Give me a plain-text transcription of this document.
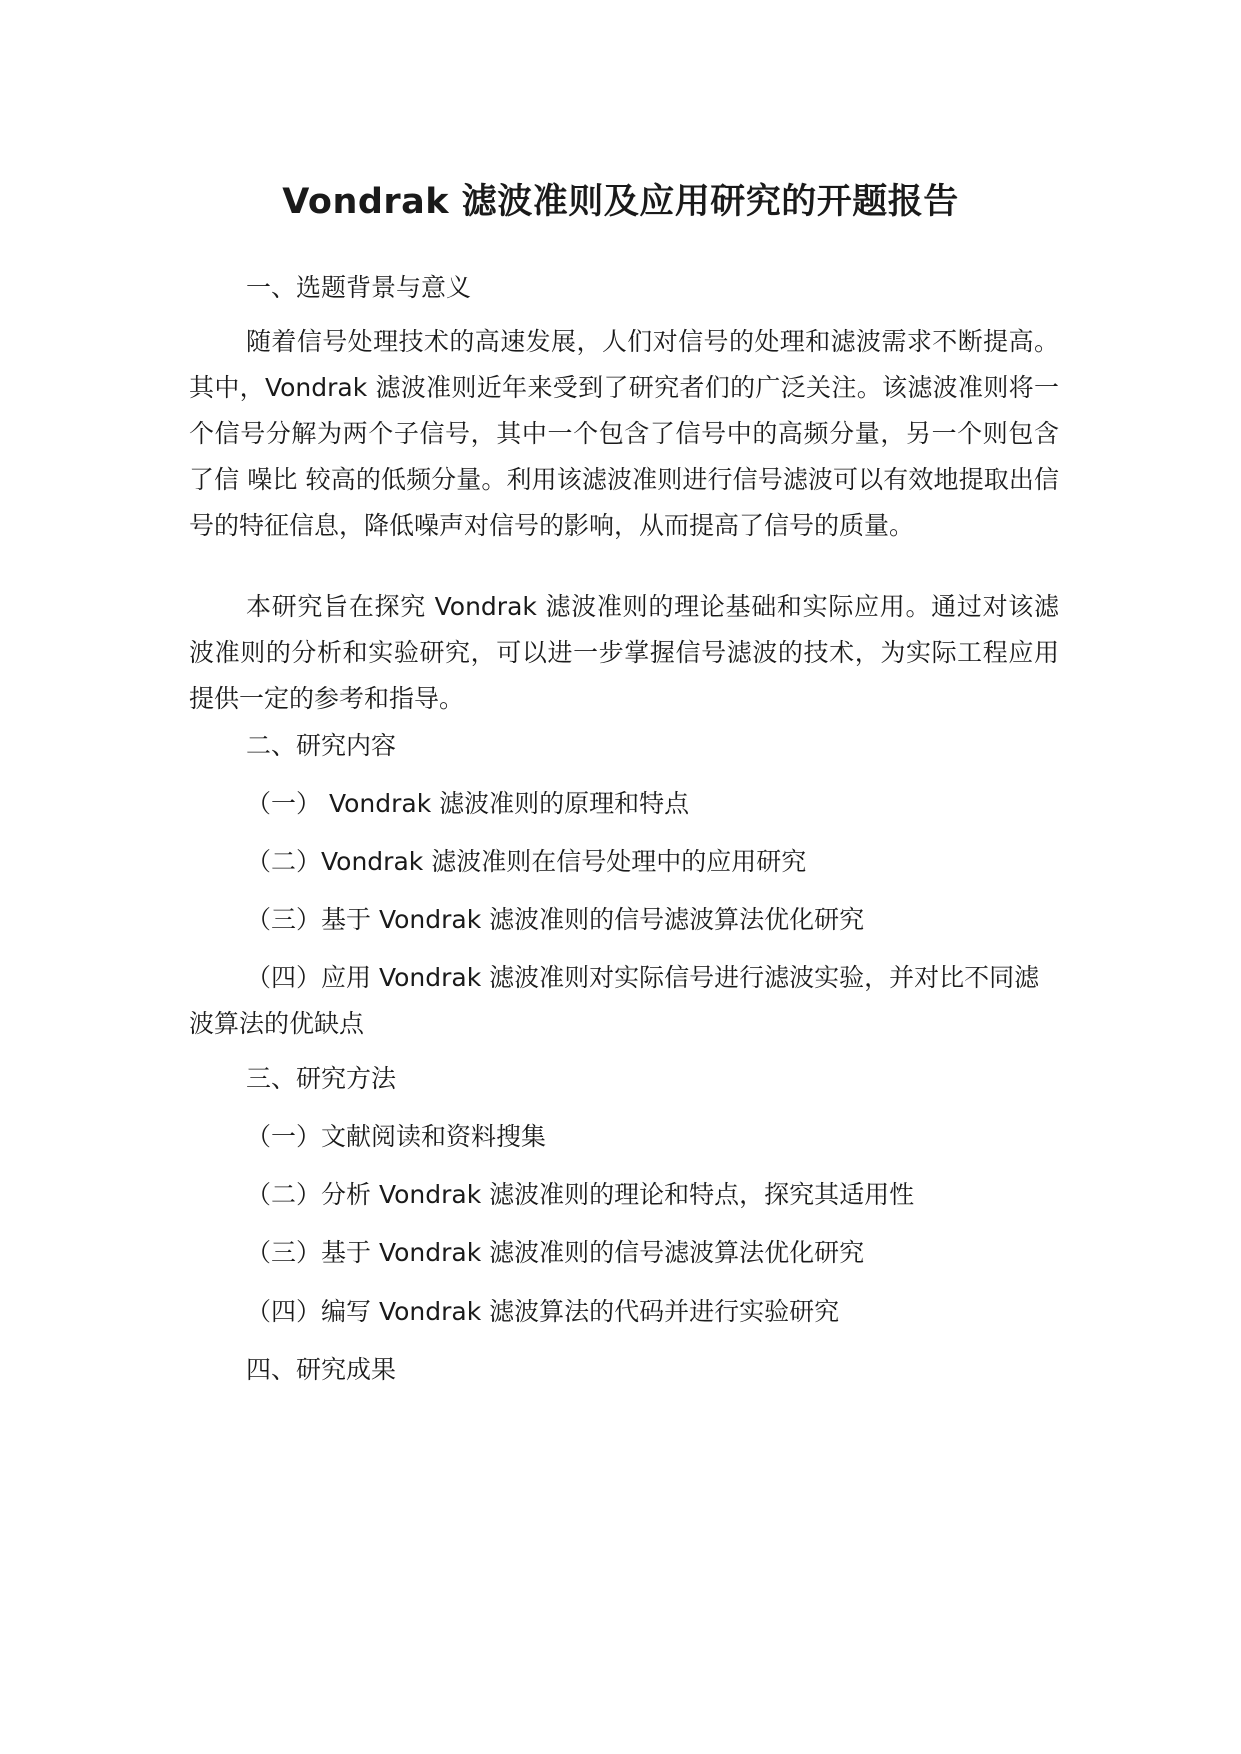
Vondrak 滤波准则及应用研究的开题报告

一、选题背景与意义

随着信号处理技术的高速发展，人们对信号的处理和滤波需求不断提高。其中，Vondrak 滤波准则近年来受到了研究者们的广泛关注。该滤波准则将一个信号分解为两个子信号，其中一个包含了信号中的高频分量，另一个则包含了信 噪比 较高的低频分量。利用该滤波准则进行信号滤波可以有效地提取出信号的特征信息，降低噪声对信号的影响，从而提高了信号的质量。

本研究旨在探究 Vondrak 滤波准则的理论基础和实际应用。通过对该滤波准则的分析和实验研究，可以进一步掌握信号滤波的技术，为实际工程应用提供一定的参考和指导。

二、研究内容

（一） Vondrak 滤波准则的原理和特点

（二）Vondrak 滤波准则在信号处理中的应用研究

（三）基于 Vondrak 滤波准则的信号滤波算法优化研究

（四）应用 Vondrak 滤波准则对实际信号进行滤波实验，并对比不同滤波算法的优缺点

三、研究方法

（一）文献阅读和资料搜集

（二）分析 Vondrak 滤波准则的理论和特点，探究其适用性

（三）基于 Vondrak 滤波准则的信号滤波算法优化研究

（四）编写 Vondrak 滤波算法的代码并进行实验研究

四、研究成果
